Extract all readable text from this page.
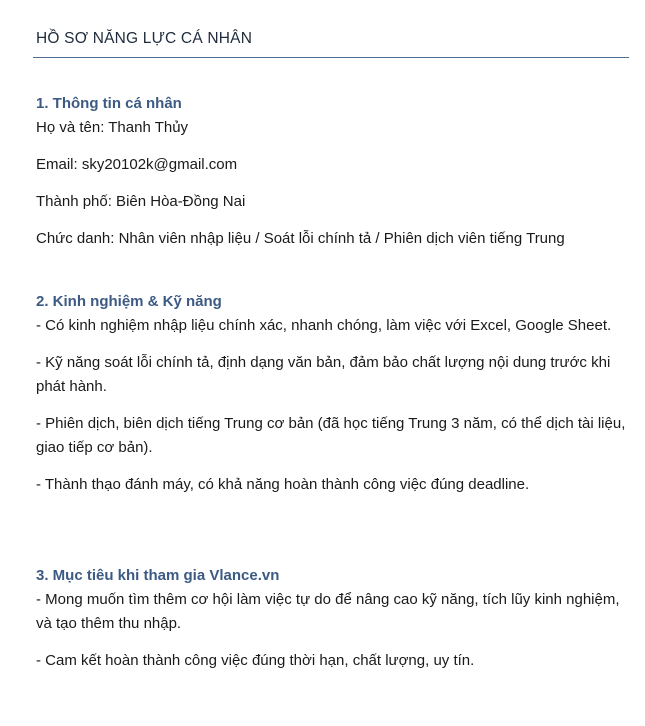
HỒ SƠ NĂNG LỰC CÁ NHÂN
1. Thông tin cá nhân

Họ và tên: Thanh Thủy

Email: sky20102k@gmail.com

Thành phố: Biên Hòa-Đồng Nai

Chức danh: Nhân viên nhập liệu / Soát lỗi chính tả / Phiên dịch viên tiếng Trung

2. Kinh nghiệm & Kỹ năng

- Có kinh nghiệm nhập liệu chính xác, nhanh chóng, làm việc với Excel, Google Sheet.

- Kỹ năng soát lỗi chính tả, định dạng văn bản, đảm bảo chất lượng nội dung trước khi phát hành.

- Phiên dịch, biên dịch tiếng Trung cơ bản (đã học tiếng Trung 3 năm, có thể dịch tài liệu, giao tiếp cơ bản).

- Thành thạo đánh máy, có khả năng hoàn thành công việc đúng deadline.

3. Mục tiêu khi tham gia Vlance.vn

- Mong muốn tìm thêm cơ hội làm việc tự do để nâng cao kỹ năng, tích lũy kinh nghiệm, và tạo thêm thu nhập.

- Cam kết hoàn thành công việc đúng thời hạn, chất lượng, uy tín.
